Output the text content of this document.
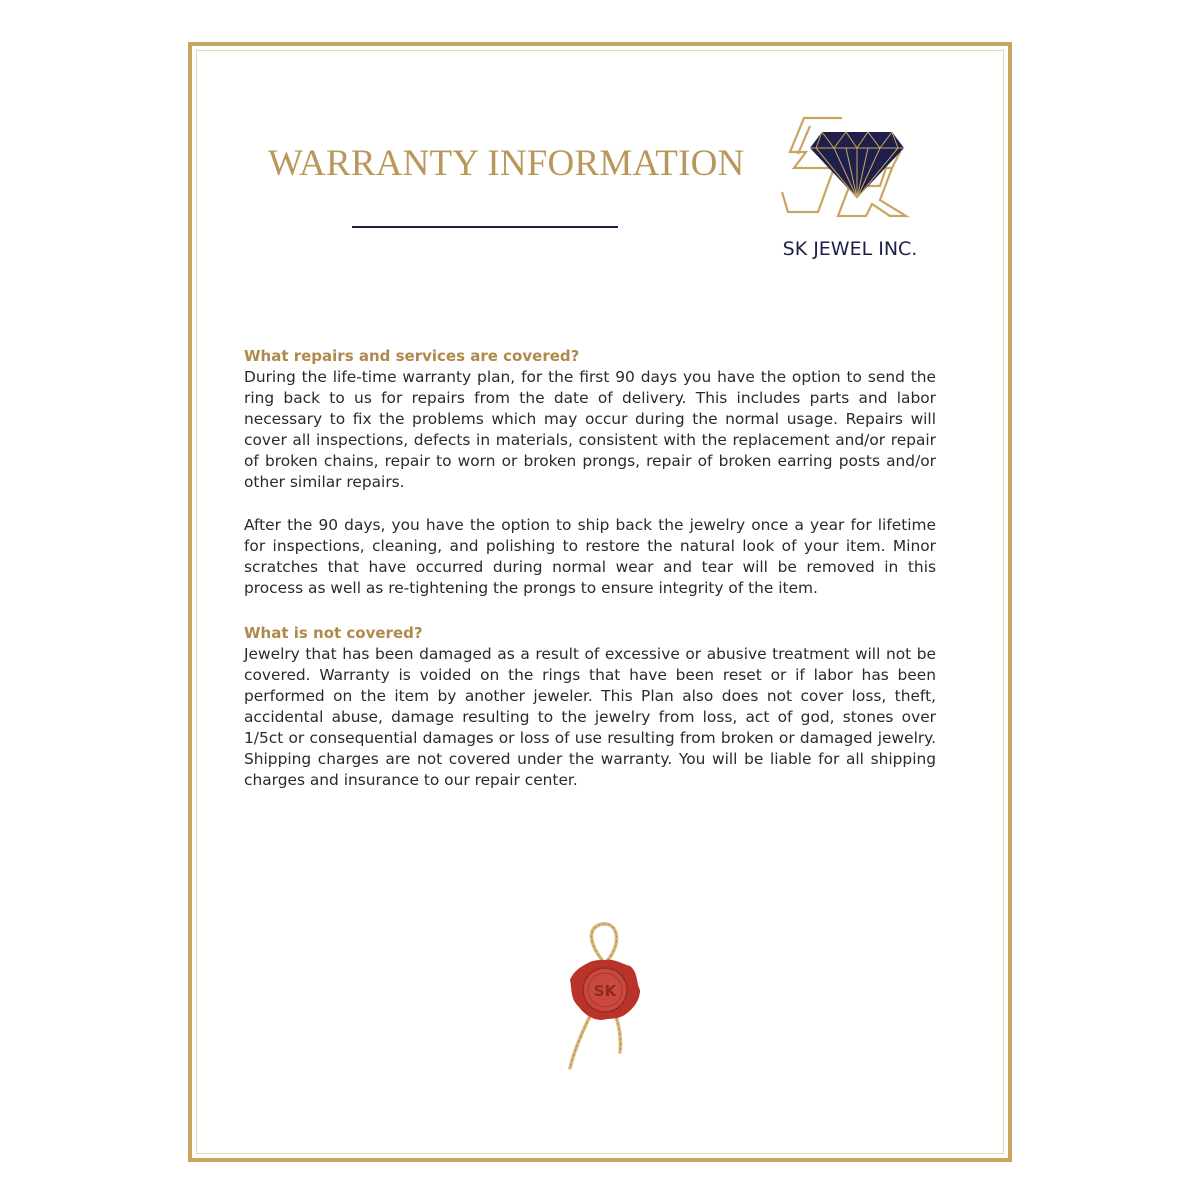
WARRANTY INFORMATION
SK JEWEL INC.
What repairs and services are covered?

During the life-time warranty plan, for the first 90 days you have the option to send the ring back to us for repairs from the date of delivery. This includes parts and labor necessary to fix the problems which may occur during the normal usage. Repairs will cover all inspections, defects in materials, consistent with the replacement and/or repair of broken chains, repair to worn or broken prongs, repair of broken earring posts and/or other similar repairs.

After the 90 days, you have the option to ship back the jewelry once a year for lifetime for inspections, cleaning, and polishing to restore the natural look of your item. Minor scratches that have occurred during normal wear and tear will be removed in this process as well as re-tightening the prongs to ensure integrity of the item.

What is not covered?

Jewelry that has been damaged as a result of excessive or abusive treatment will not be covered. Warranty is voided on the rings that have been reset or if labor has been performed on the item by another jeweler. This Plan also does not cover loss, theft, accidental abuse, damage resulting to the jewelry from loss, act of god, stones over 1/5ct or consequential damages or loss of use resulting from broken or damaged jewelry. Shipping charges are not covered under the warranty. You will be liable for all shipping charges and insurance to our repair center.

SK
